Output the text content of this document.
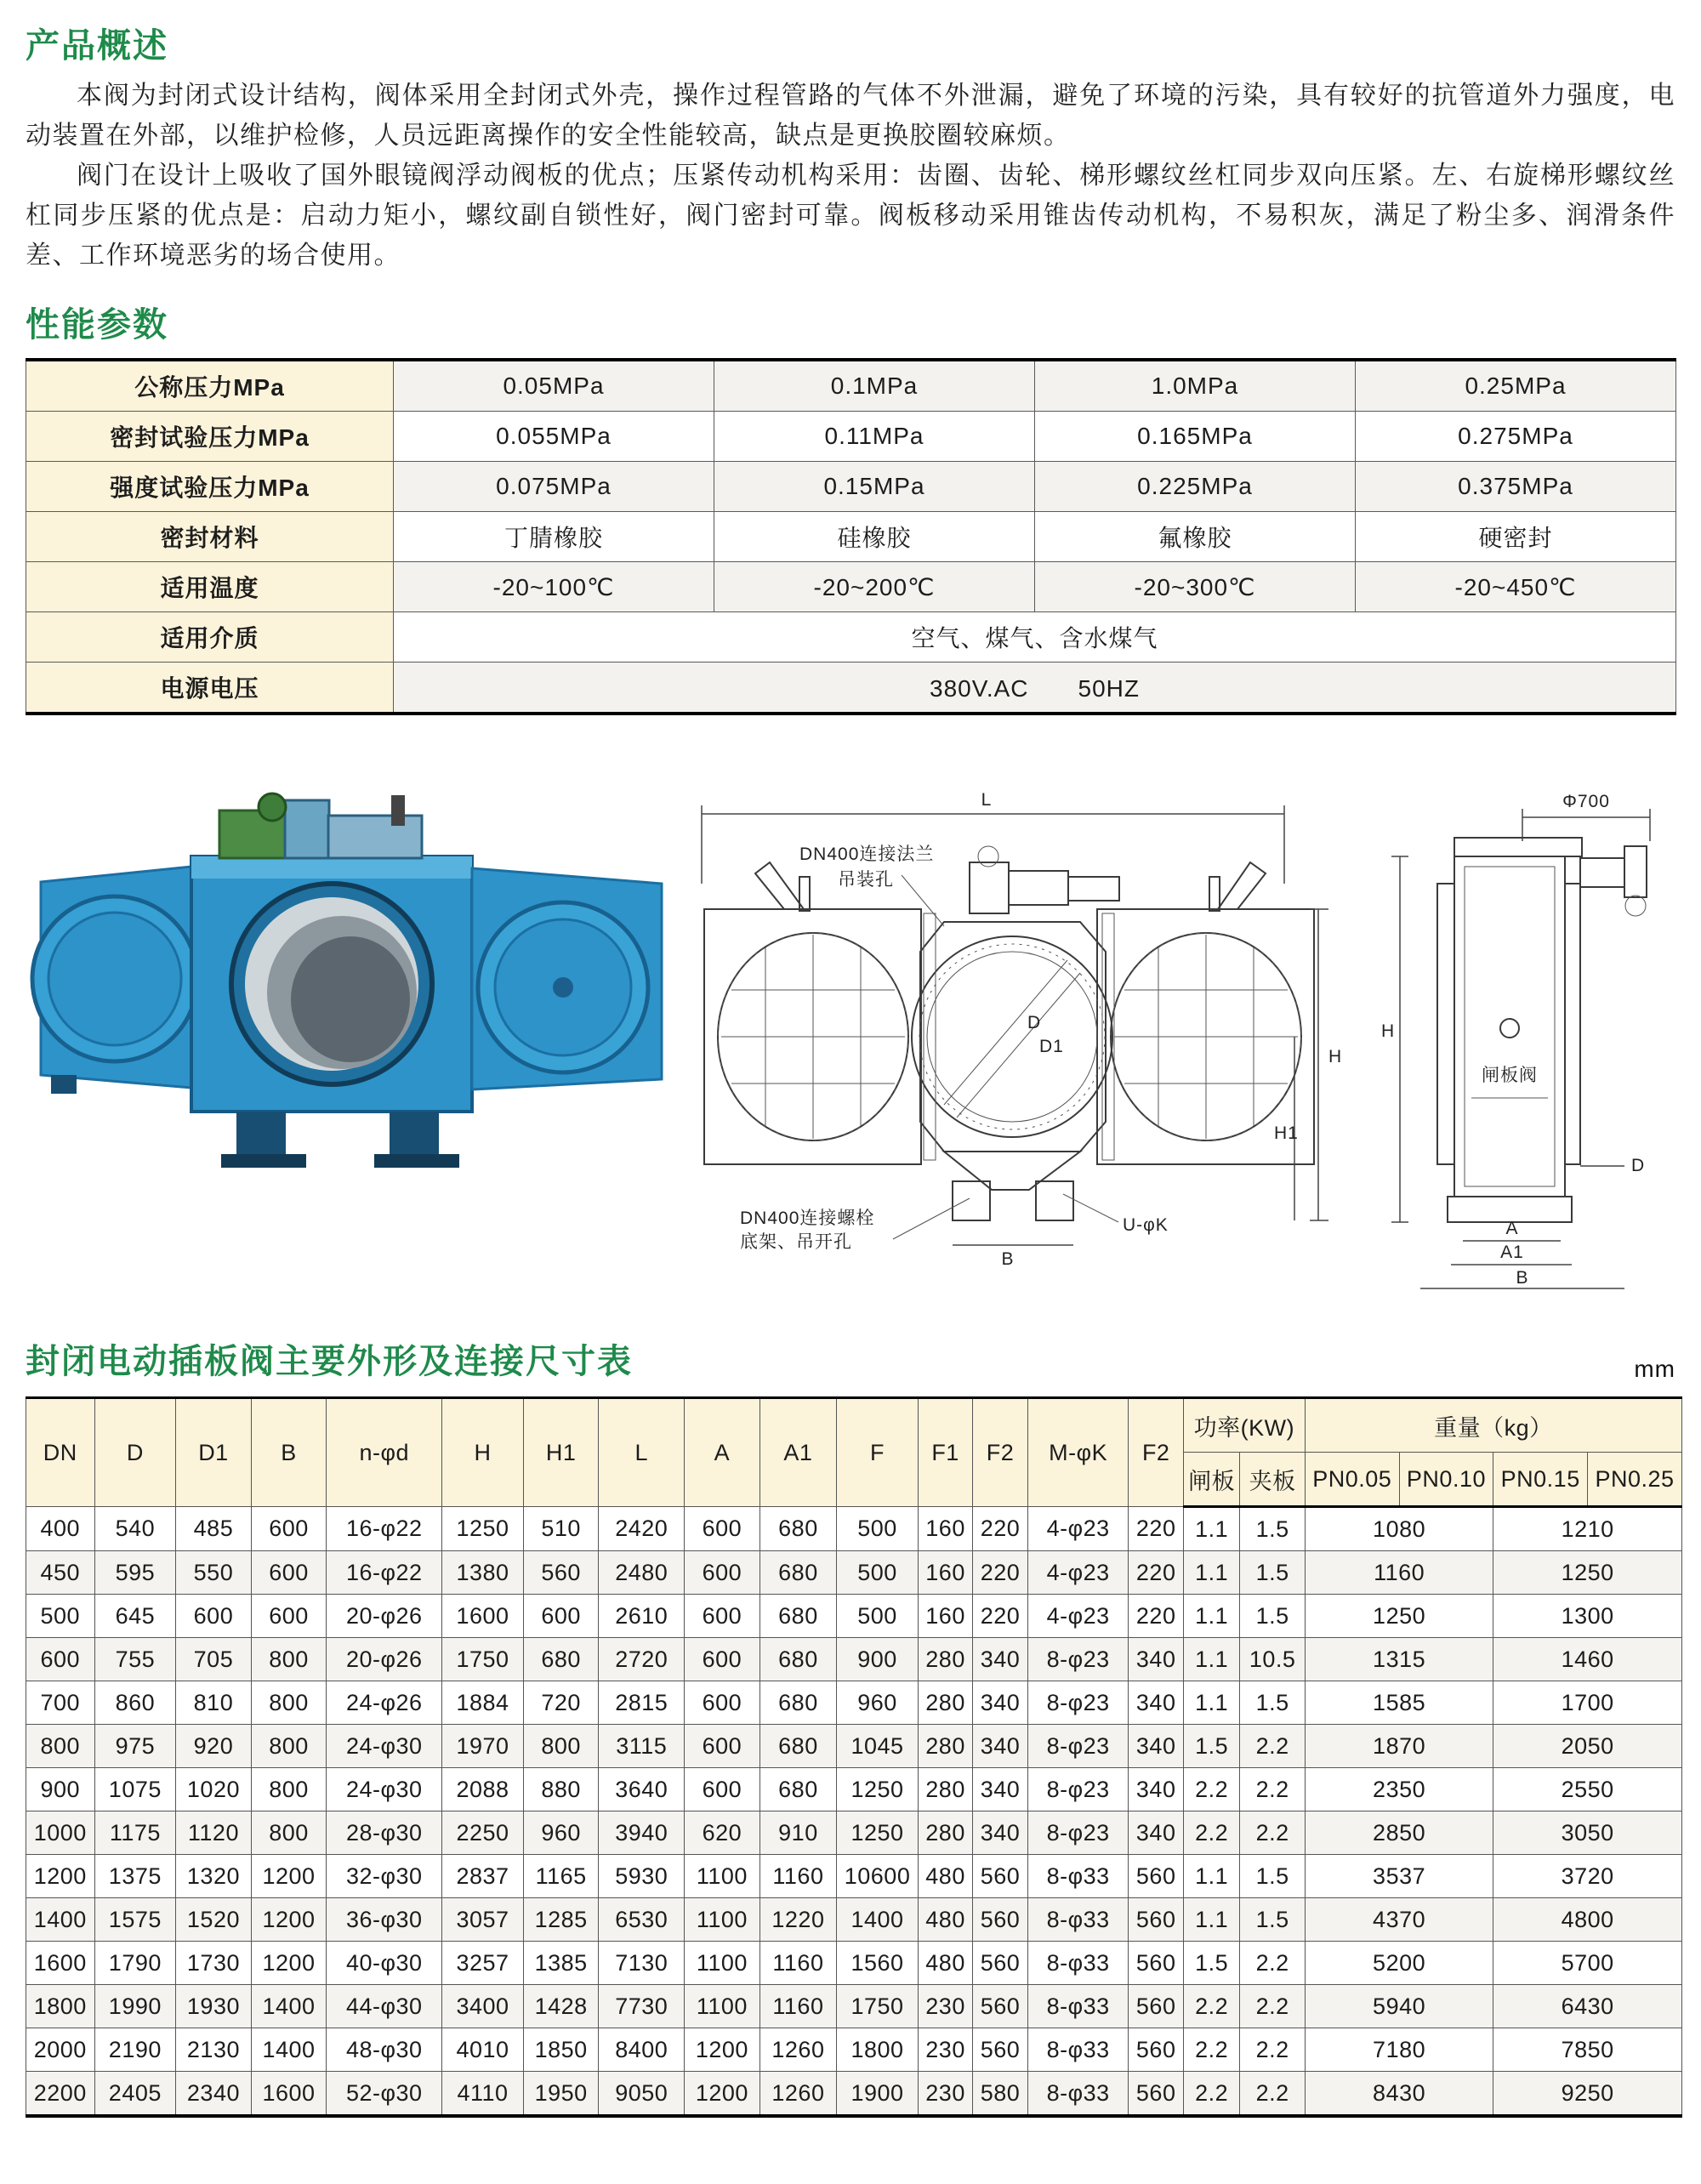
产品概述

本阀为封闭式设计结构，阀体采用全封闭式外壳，操作过程管路的气体不外泄漏，避免了环境的污染，具有较好的抗管道外力强度，电动装置在外部，以维护检修，人员远距离操作的安全性能较高，缺点是更换胶圈较麻烦。

阀门在设计上吸收了国外眼镜阀浮动阀板的优点；压紧传动机构采用：齿圈、齿轮、梯形螺纹丝杠同步双向压紧。左、右旋梯形螺纹丝杠同步压紧的优点是：启动力矩小，螺纹副自锁性好，阀门密封可靠。阀板移动采用锥齿传动机构，不易积灰，满足了粉尘多、润滑条件差、工作环境恶劣的场合使用。

性能参数
公称压力MPa	0.05MPa	0.1MPa	1.0MPa	0.25MPa
密封试验压力MPa	0.055MPa	0.11MPa	0.165MPa	0.275MPa
强度试验压力MPa	0.075MPa	0.15MPa	0.225MPa	0.375MPa
密封材料	丁腈橡胶	硅橡胶	氟橡胶	硬密封
适用温度	-20~100℃	-20~200℃	-20~300℃	-20~450℃
适用介质	空气、煤气、含水煤气			
电源电压	380V.AC　　50HZ			
L
D
D1
H
H1
B
DN400连接法兰
吊装孔
DN400连接螺栓
底架、吊开孔
U-φK
Φ700
闸板阀
H
D
A
A1
B
封闭电动插板阀主要外形及连接尺寸表	mm
DN	D	D1	B	n-φd	H	H1	L	A	A1	F	F1	F2	M-φK	F2	功率(KW)		重量（kg）			
															闸板	夹板	PN0.05	PN0.10	PN0.15	PN0.25
400	540	485	600	16-φ22	1250	510	2420	600	680	500	160	220	4-φ23	220	1.1	1.5	1080		1210	
450	595	550	600	16-φ22	1380	560	2480	600	680	500	160	220	4-φ23	220	1.1	1.5	1160		1250	
500	645	600	600	20-φ26	1600	600	2610	600	680	500	160	220	4-φ23	220	1.1	1.5	1250		1300	
600	755	705	800	20-φ26	1750	680	2720	600	680	900	280	340	8-φ23	340	1.1	10.5	1315		1460	
700	860	810	800	24-φ26	1884	720	2815	600	680	960	280	340	8-φ23	340	1.1	1.5	1585		1700	
800	975	920	800	24-φ30	1970	800	3115	600	680	1045	280	340	8-φ23	340	1.5	2.2	1870		2050	
900	1075	1020	800	24-φ30	2088	880	3640	600	680	1250	280	340	8-φ23	340	2.2	2.2	2350		2550	
1000	1175	1120	800	28-φ30	2250	960	3940	620	910	1250	280	340	8-φ23	340	2.2	2.2	2850		3050	
1200	1375	1320	1200	32-φ30	2837	1165	5930	1100	1160	10600	480	560	8-φ33	560	1.1	1.5	3537		3720	
1400	1575	1520	1200	36-φ30	3057	1285	6530	1100	1220	1400	480	560	8-φ33	560	1.1	1.5	4370		4800	
1600	1790	1730	1200	40-φ30	3257	1385	7130	1100	1160	1560	480	560	8-φ33	560	1.5	2.2	5200		5700	
1800	1990	1930	1400	44-φ30	3400	1428	7730	1100	1160	1750	230	560	8-φ33	560	2.2	2.2	5940		6430	
2000	2190	2130	1400	48-φ30	4010	1850	8400	1200	1260	1800	230	560	8-φ33	560	2.2	2.2	7180		7850	
2200	2405	2340	1600	52-φ30	4110	1950	9050	1200	1260	1900	230	580	8-φ33	560	2.2	2.2	8430		9250	
